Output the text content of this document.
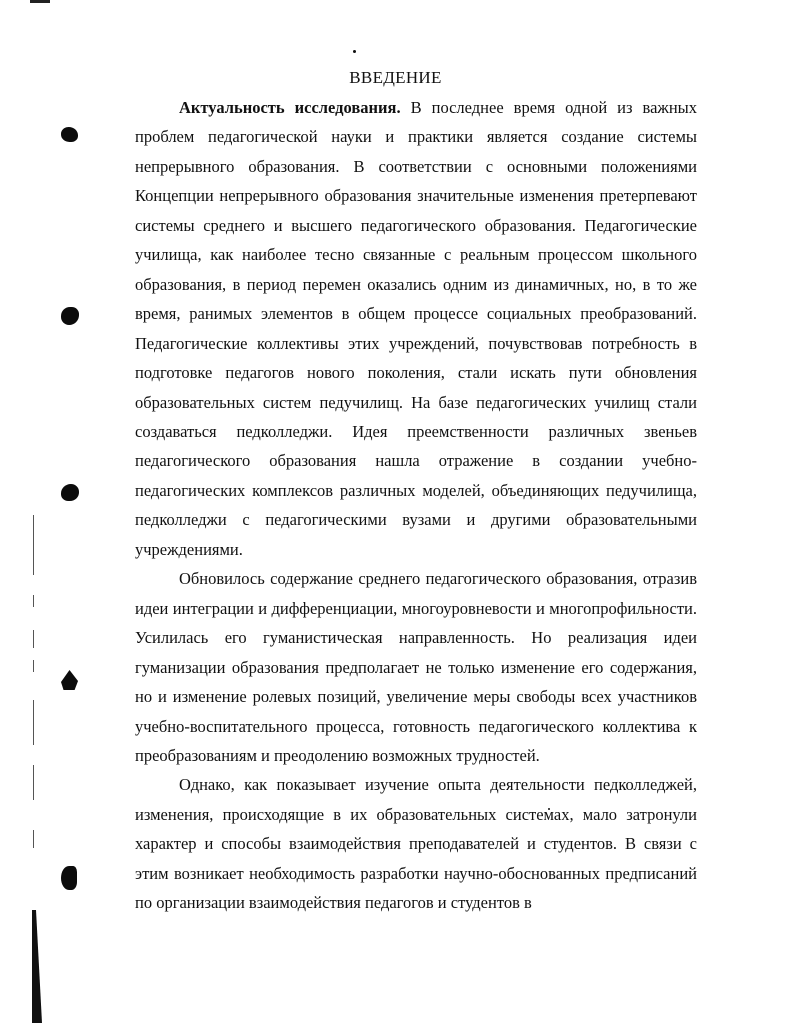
ВВЕДЕНИЕ

Актуальность исследования. В последнее время одной из важных проблем педагогической науки и практики является создание системы непрерывного образования. В соответствии с основными положениями Концепции непрерывного образования значительные изменения претерпевают системы среднего и высшего педагогического образования. Педагогические училища, как наиболее тесно связанные с реальным процессом школьного образования, в период перемен оказались одним из динамичных, но, в то же время, ранимых элементов в общем процессе социальных преобразований. Педагогические коллективы этих учреждений, почувствовав потребность в подготовке педагогов нового поколения, стали искать пути обновления образовательных систем педучилищ. На базе педагогических училищ стали создаваться педколледжи. Идея преемственности различных звеньев педагогического образования нашла отражение в создании учебно-педагогических комплексов различных моделей, объединяющих педучилища, педколледжи с педагогическими вузами и другими образовательными учреждениями.

Обновилось содержание среднего педагогического образования, отразив идеи интеграции и дифференциации, многоуровневости и многопрофильности. Усилилась его гуманистическая направленность. Но реализация идеи гуманизации образования предполагает не только изменение его содержания, но и изменение ролевых позиций, увеличение меры свободы всех участников учебно-воспитательного процесса, готовность педагогического коллектива к преобразованиям и преодолению возможных трудностей.

Однако, как показывает изучение опыта деятельности педколледжей, изменения, происходящие в их образовательных системах, мало затронули характер и способы взаимодействия преподавателей и студентов. В связи с этим возникает необходимость разработки научно-обоснованных предписаний по организации взаимодействия педагогов и студентов в
